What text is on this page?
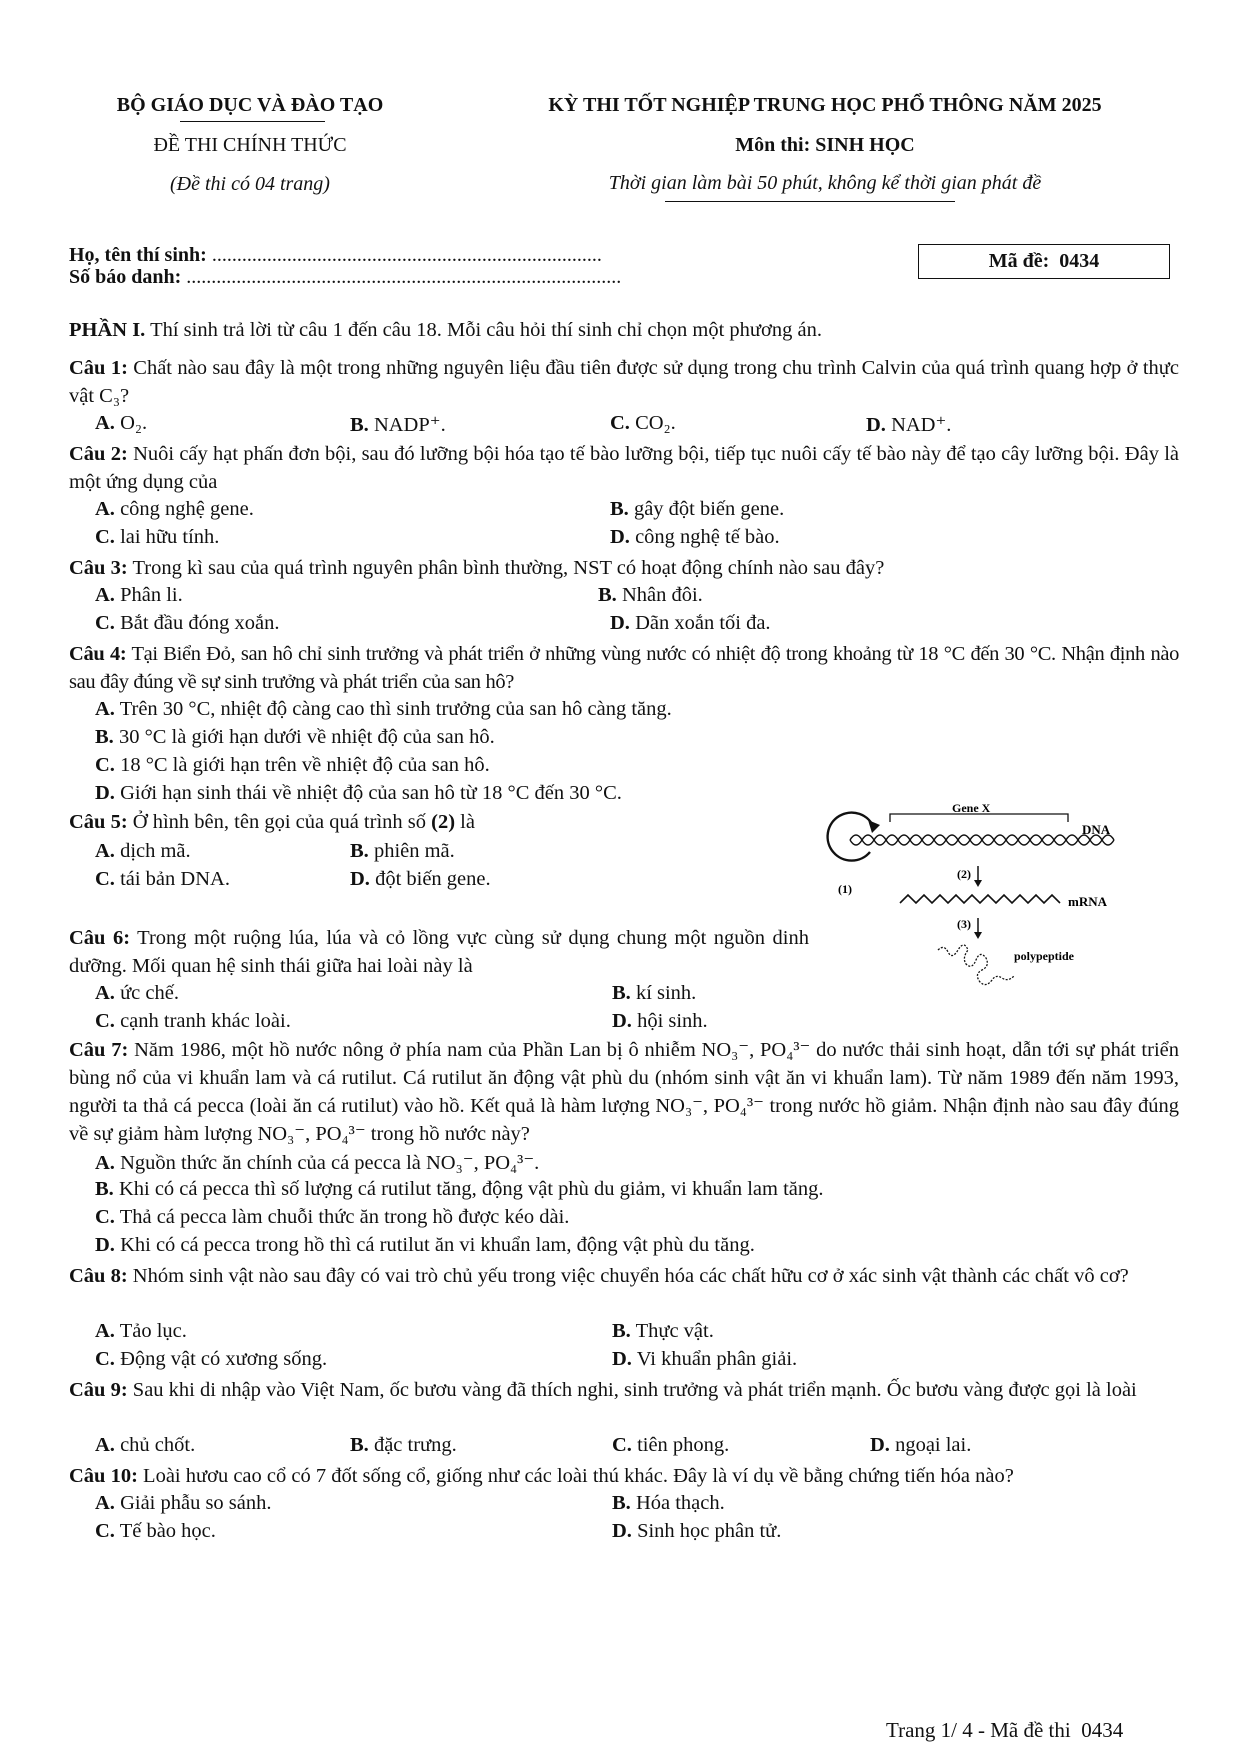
BỘ GIÁO DỤC VÀ ĐÀO TẠO
ĐỀ THI CHÍNH THỨC
(Đề thi có 04 trang)
KỲ THI TỐT NGHIỆP TRUNG HỌC PHỔ THÔNG NĂM 2025
Môn thi: SINH HỌC
Thời gian làm bài 50 phút, không kể thời gian phát đề
Họ, tên thí sinh: ..............................................................................
Số báo danh: .......................................................................................
Mã đề: 0434
PHẦN I. Thí sinh trả lời từ câu 1 đến câu 18. Mỗi câu hỏi thí sinh chỉ chọn một phương án.
Câu 1: Chất nào sau đây là một trong những nguyên liệu đầu tiên được sử dụng trong chu trình Calvin của quá trình quang hợp ở thực vật C₃?
A. O₂.	B. NADP⁺.	C. CO₂.	D. NAD⁺.
Câu 2: Nuôi cấy hạt phấn đơn bội, sau đó lưỡng bội hóa tạo tế bào lưỡng bội, tiếp tục nuôi cấy tế bào này để tạo cây lưỡng bội. Đây là một ứng dụng của
A. công nghệ gene.	B. gây đột biến gene.
C. lai hữu tính.	D. công nghệ tế bào.
Câu 3: Trong kì sau của quá trình nguyên phân bình thường, NST có hoạt động chính nào sau đây?
A. Phân li.	B. Nhân đôi.
C. Bắt đầu đóng xoắn.	D. Dãn xoắn tối đa.
Câu 4: Tại Biển Đỏ, san hô chỉ sinh trưởng và phát triển ở những vùng nước có nhiệt độ trong khoảng từ 18 °C đến 30 °C. Nhận định nào sau đây đúng về sự sinh trưởng và phát triển của san hô?
A. Trên 30 °C, nhiệt độ càng cao thì sinh trưởng của san hô càng tăng.
B. 30 °C là giới hạn dưới về nhiệt độ của san hô.
C. 18 °C là giới hạn trên về nhiệt độ của san hô.
D. Giới hạn sinh thái về nhiệt độ của san hô từ 18 °C đến 30 °C.
Câu 5: Ở hình bên, tên gọi của quá trình số (2) là
A. dịch mã.	B. phiên mã.
C. tái bản DNA.	D. đột biến gene.
Gene X
DNA
(1)
(2)
mRNA
(3)
polypeptide
Câu 6: Trong một ruộng lúa, lúa và cỏ lồng vực cùng sử dụng chung một nguồn dinh dưỡng. Mối quan hệ sinh thái giữa hai loài này là
A. ức chế.	B. kí sinh.
C. cạnh tranh khác loài.	D. hội sinh.
Câu 7: Năm 1986, một hồ nước nông ở phía nam của Phần Lan bị ô nhiễm NO₃⁻, PO₄³⁻ do nước thải sinh hoạt, dẫn tới sự phát triển bùng nổ của vi khuẩn lam và cá rutilut. Cá rutilut ăn động vật phù du (nhóm sinh vật ăn vi khuẩn lam). Từ năm 1989 đến năm 1993, người ta thả cá pecca (loài ăn cá rutilut) vào hồ. Kết quả là hàm lượng NO₃⁻, PO₄³⁻ trong nước hồ giảm. Nhận định nào sau đây đúng về sự giảm hàm lượng NO₃⁻, PO₄³⁻ trong hồ nước này?
A. Nguồn thức ăn chính của cá pecca là NO₃⁻, PO₄³⁻.
B. Khi có cá pecca thì số lượng cá rutilut tăng, động vật phù du giảm, vi khuẩn lam tăng.
C. Thả cá pecca làm chuỗi thức ăn trong hồ được kéo dài.
D. Khi có cá pecca trong hồ thì cá rutilut ăn vi khuẩn lam, động vật phù du tăng.
Câu 8: Nhóm sinh vật nào sau đây có vai trò chủ yếu trong việc chuyển hóa các chất hữu cơ ở xác sinh vật thành các chất vô cơ?
A. Tảo lục.	B. Thực vật.
C. Động vật có xương sống.	D. Vi khuẩn phân giải.
Câu 9: Sau khi di nhập vào Việt Nam, ốc bươu vàng đã thích nghi, sinh trưởng và phát triển mạnh. Ốc bươu vàng được gọi là loài
A. chủ chốt.	B. đặc trưng.	C. tiên phong.	D. ngoại lai.
Câu 10: Loài hươu cao cổ có 7 đốt sống cổ, giống như các loài thú khác. Đây là ví dụ về bằng chứng tiến hóa nào?
A. Giải phẫu so sánh.	B. Hóa thạch.
C. Tế bào học.	D. Sinh học phân tử.
Trang 1/ 4 - Mã đề thi 0434
